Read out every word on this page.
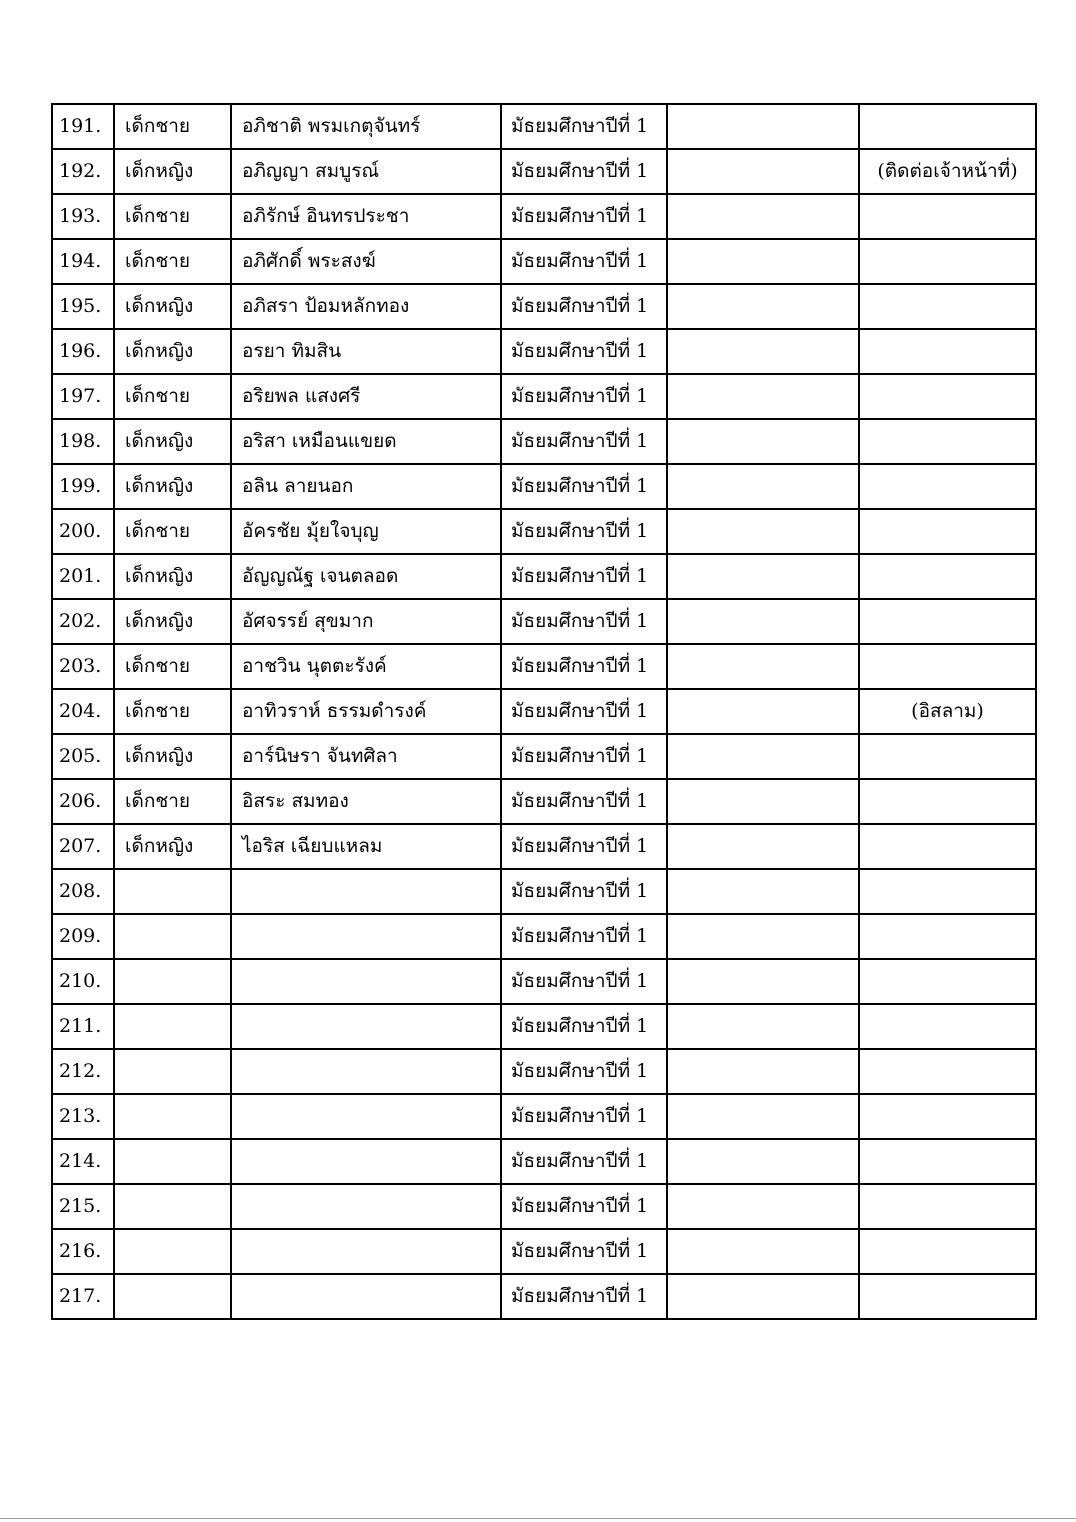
191.	เด็กชาย	อภิชาติ พรมเกตุจันทร์	มัธยมศึกษาปีที่ 1		
192.	เด็กหญิง	อภิญญา สมบูรณ์	มัธยมศึกษาปีที่ 1		(ติดต่อเจ้าหน้าที่)
193.	เด็กชาย	อภิรักษ์ อินทรประชา	มัธยมศึกษาปีที่ 1		
194.	เด็กชาย	อภิศักดิ์ พระสงฆ์	มัธยมศึกษาปีที่ 1		
195.	เด็กหญิง	อภิสรา ป้อมหลักทอง	มัธยมศึกษาปีที่ 1		
196.	เด็กหญิง	อรยา ทิมสิน	มัธยมศึกษาปีที่ 1		
197.	เด็กชาย	อริยพล แสงศรี	มัธยมศึกษาปีที่ 1		
198.	เด็กหญิง	อริสา เหมือนแขยด	มัธยมศึกษาปีที่ 1		
199.	เด็กหญิง	อลิน ลายนอก	มัธยมศึกษาปีที่ 1		
200.	เด็กชาย	อัครชัย มุ้ยใจบุญ	มัธยมศึกษาปีที่ 1		
201.	เด็กหญิง	อัญญณัฐ เจนตลอด	มัธยมศึกษาปีที่ 1		
202.	เด็กหญิง	อัศจรรย์ สุขมาก	มัธยมศึกษาปีที่ 1		
203.	เด็กชาย	อาชวิน นุตตะรังค์	มัธยมศึกษาปีที่ 1		
204.	เด็กชาย	อาทิวราห์ ธรรมดำรงค์	มัธยมศึกษาปีที่ 1		(อิสลาม)
205.	เด็กหญิง	อาร์นิษรา จันทศิลา	มัธยมศึกษาปีที่ 1		
206.	เด็กชาย	อิสระ สมทอง	มัธยมศึกษาปีที่ 1		
207.	เด็กหญิง	ไอริส เฉียบแหลม	มัธยมศึกษาปีที่ 1		
208.			มัธยมศึกษาปีที่ 1		
209.			มัธยมศึกษาปีที่ 1		
210.			มัธยมศึกษาปีที่ 1		
211.			มัธยมศึกษาปีที่ 1		
212.			มัธยมศึกษาปีที่ 1		
213.			มัธยมศึกษาปีที่ 1		
214.			มัธยมศึกษาปีที่ 1		
215.			มัธยมศึกษาปีที่ 1		
216.			มัธยมศึกษาปีที่ 1		
217.			มัธยมศึกษาปีที่ 1		
